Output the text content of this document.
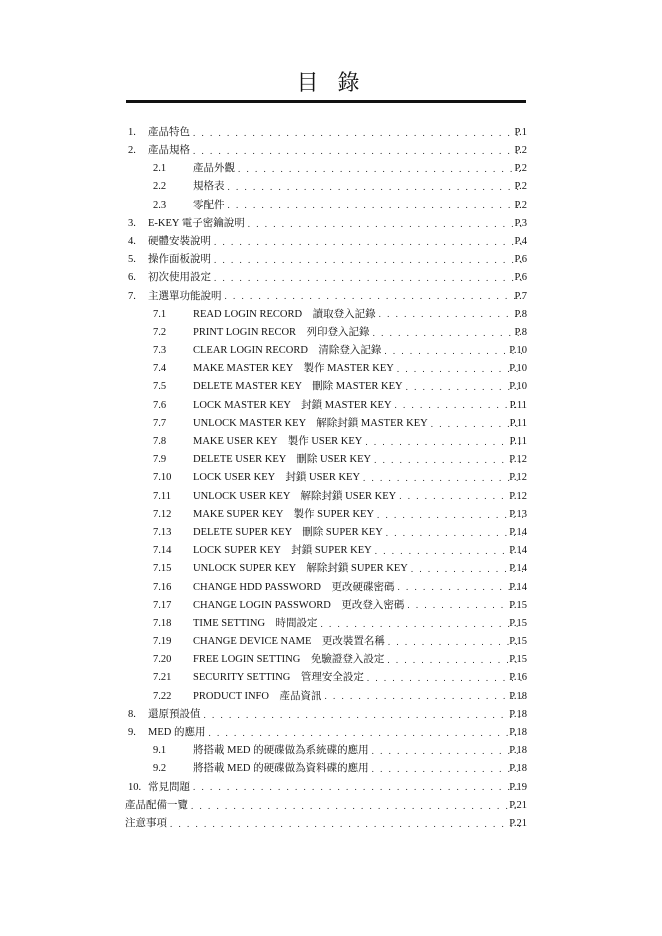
目 錄
1. 產品特色 . . .	P.1
2. 產品規格 . . .	P.2
2.1	產品外觀 . . .	P.2
2.2	規格表 . . .	P.2
2.3	零配件 . . .	P.2
3. E-KEY 電子密鑰說明 . . .	P.3
4. 硬體安裝說明 . . .	P.4
5. 操作面板說明 . . .	P.6
6. 初次使用設定 . . .	P.6
7. 主選單功能說明 . . .	P.7
7.1	READ LOGIN RECORD　讀取登入記錄 . . .	P.8
7.2	PRINT LOGIN RECOR　列印登入記錄 . . .	P.8
7.3	CLEAR LOGIN RECORD　清除登入記錄 . . .	P.10
7.4	MAKE MASTER KEY　製作 MASTER KEY . . .	P.10
7.5	DELETE MASTER KEY　刪除 MASTER KEY . . .	P.10
7.6	LOCK MASTER KEY　封鎖 MASTER KEY . . .	P.11
7.7	UNLOCK MASTER KEY　解除封鎖 MASTER KEY . . .	P.11
7.8	MAKE USER KEY　製作 USER KEY . . .	P.11
7.9	DELETE USER KEY　刪除 USER KEY . . .	P.12
7.10 LOCK USER KEY　封鎖 USER KEY . . .	P.12
7.11 UNLOCK USER KEY　解除封鎖 USER KEY . . .	P.12
7.12 MAKE SUPER KEY　製作 SUPER KEY . . .	P.13
7.13 DELETE SUPER KEY　刪除 SUPER KEY . . .	P.14
7.14 LOCK SUPER KEY　封鎖 SUPER KEY . . .	P.14
7.15 UNLOCK SUPER KEY　解除封鎖 SUPER KEY . . .	P.14
7.16 CHANGE HDD PASSWORD　更改硬碟密碼 . . .	P.14
7.17 CHANGE LOGIN PASSWORD　更改登入密碼 . . .	P.15
7.18 TIME SETTING　時間設定 . . .	P.15
7.19 CHANGE DEVICE NAME　更改裝置名稱 . . .	P.15
7.20 FREE LOGIN SETTING　免驗證登入設定 . . .	P.15
7.21 SECURITY SETTING　管理安全設定 . . .	P.16
7.22 PRODUCT INFO　產品資訊 . . .	P.18
8. 還原預設值 . . .	P.18
9. MED 的應用 . . .	P.18
9.1	將搭載 MED 的硬碟做為系統碟的應用 . . .	P.18
9.2	將搭載 MED 的硬碟做為資料碟的應用 . . .	P.18
10. 常見問題 . . .	P.19
產品配備一覽 . . .	P.21
注意事項 . . .	P.21
